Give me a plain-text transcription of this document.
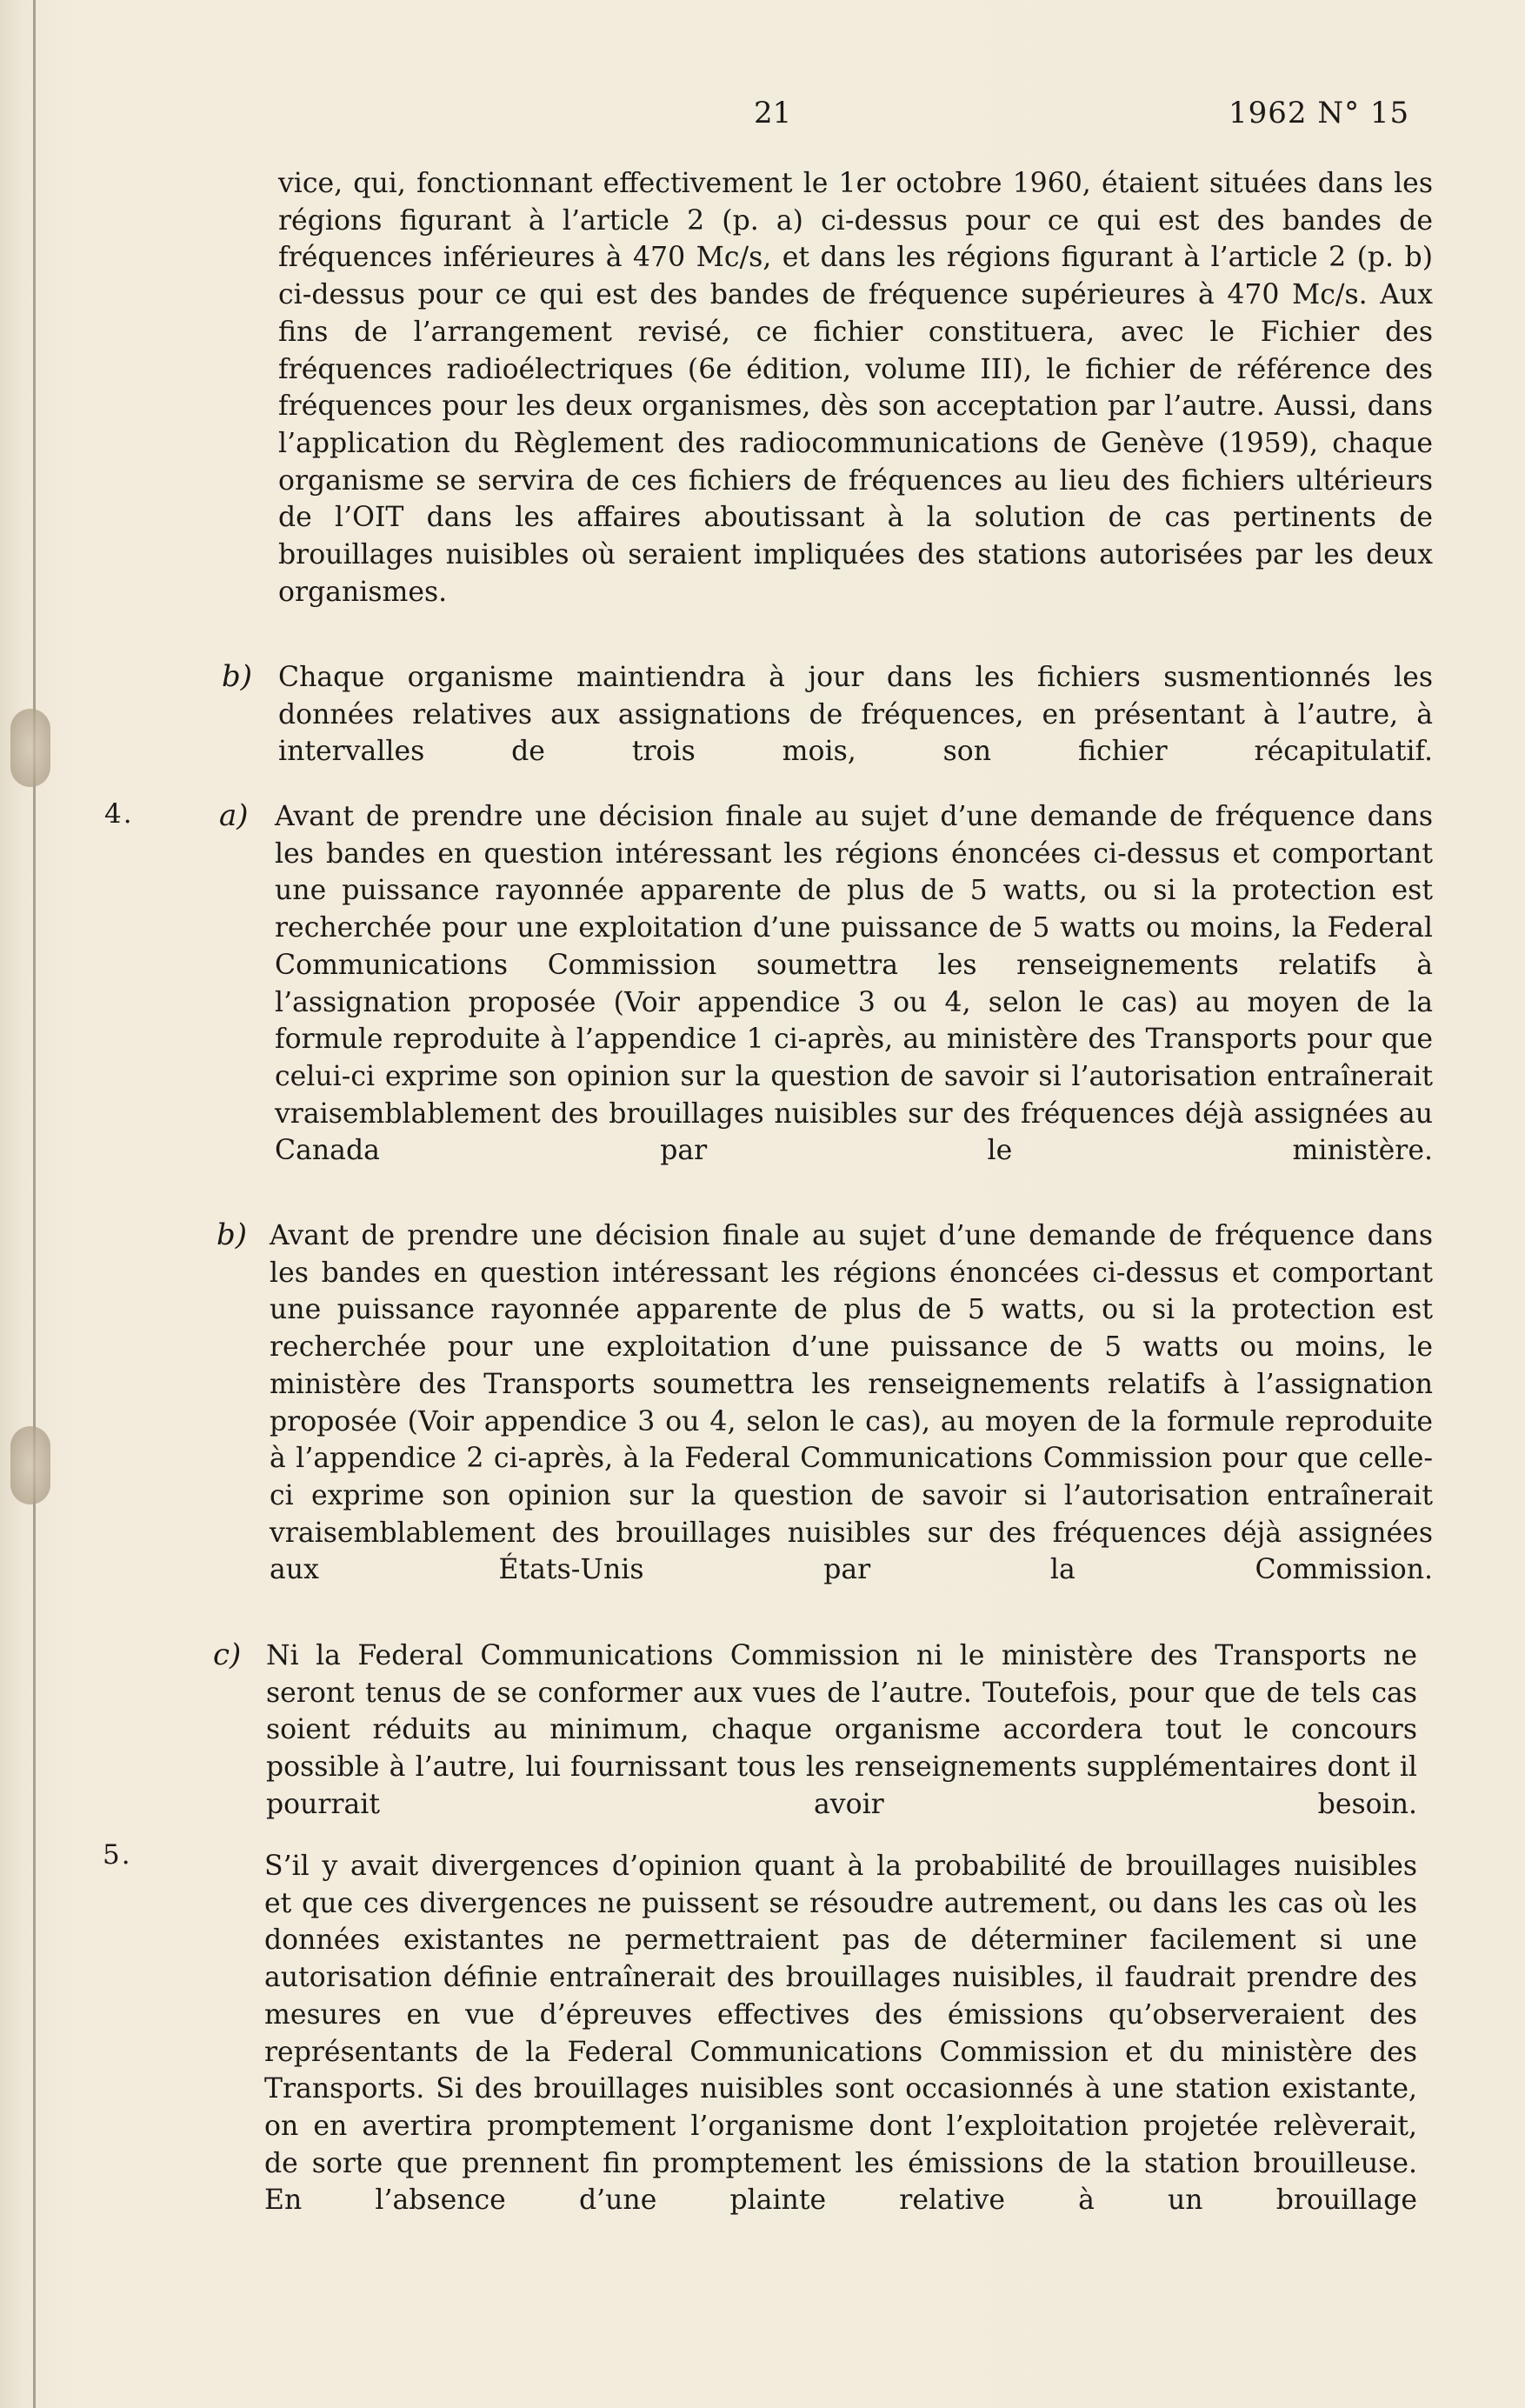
21	1962 N° 15
vice, qui, fonctionnant effectivement le 1er octobre 1960, étaient situées dans les régions figurant à l’article 2 (p. a) ci-dessus pour ce qui est des bandes de fréquences inférieures à 470 Mc/s, et dans les régions figurant à l’article 2 (p. b) ci-dessus pour ce qui est des bandes de fréquence supérieures à 470 Mc/s. Aux fins de l’arrangement revisé, ce fichier constituera, avec le Fichier des fréquences radioélectriques (6e édition, volume III), le fichier de référence des fréquences pour les deux organismes, dès son acceptation par l’autre. Aussi, dans l’application du Règlement des radiocommunications de Genève (1959), chaque organisme se servira de ces fichiers de fréquences au lieu des fichiers ultérieurs de l’OIT dans les affaires aboutissant à la solution de cas pertinents de brouillages nuisibles où seraient impliquées des stations autorisées par les deux organismes.
b) Chaque organisme maintiendra à jour dans les fichiers susmentionnés les données relatives aux assignations de fréquences, en présentant à l’autre, à intervalles de trois mois, son fichier récapitulatif.
4.	a) Avant de prendre une décision finale au sujet d’une demande de fréquence dans les bandes en question intéressant les régions énoncées ci-dessus et comportant une puissance rayonnée apparente de plus de 5 watts, ou si la protection est recherchée pour une exploitation d’une puissance de 5 watts ou moins, la Federal Communications Commission soumettra les renseignements relatifs à l’assignation proposée (Voir appendice 3 ou 4, selon le cas) au moyen de la formule reproduite à l’appendice 1 ci-après, au ministère des Transports pour que celui-ci exprime son opinion sur la question de savoir si l’autorisation entraînerait vraisemblablement des brouillages nuisibles sur des fréquences déjà assignées au Canada par le ministère.
b) Avant de prendre une décision finale au sujet d’une demande de fréquence dans les bandes en question intéressant les régions énoncées ci-dessus et comportant une puissance rayonnée apparente de plus de 5 watts, ou si la protection est recherchée pour une exploitation d’une puissance de 5 watts ou moins, le ministère des Transports soumettra les renseignements relatifs à l’assignation proposée (Voir appendice 3 ou 4, selon le cas), au moyen de la formule reproduite à l’appendice 2 ci-après, à la Federal Communications Commission pour que celle-ci exprime son opinion sur la question de savoir si l’autorisation entraînerait vraisemblablement des brouillages nuisibles sur des fréquences déjà assignées aux États-Unis par la Commission.
c) Ni la Federal Communications Commission ni le ministère des Transports ne seront tenus de se conformer aux vues de l’autre. Toutefois, pour que de tels cas soient réduits au minimum, chaque organisme accordera tout le concours possible à l’autre, lui fournissant tous les renseignements supplémentaires dont il pourrait avoir besoin.
5.	S’il y avait divergences d’opinion quant à la probabilité de brouillages nuisibles et que ces divergences ne puissent se résoudre autrement, ou dans les cas où les données existantes ne permettraient pas de déterminer facilement si une autorisation définie entraînerait des brouillages nuisibles, il faudrait prendre des mesures en vue d’épreuves effectives des émissions qu’observeraient des représentants de la Federal Communications Commission et du ministère des Transports. Si des brouillages nuisibles sont occasionnés à une station existante, on en avertira promptement l’organisme dont l’exploitation projetée relèverait, de sorte que prennent fin promptement les émissions de la station brouilleuse. En l’absence d’une plainte relative à un brouillage
